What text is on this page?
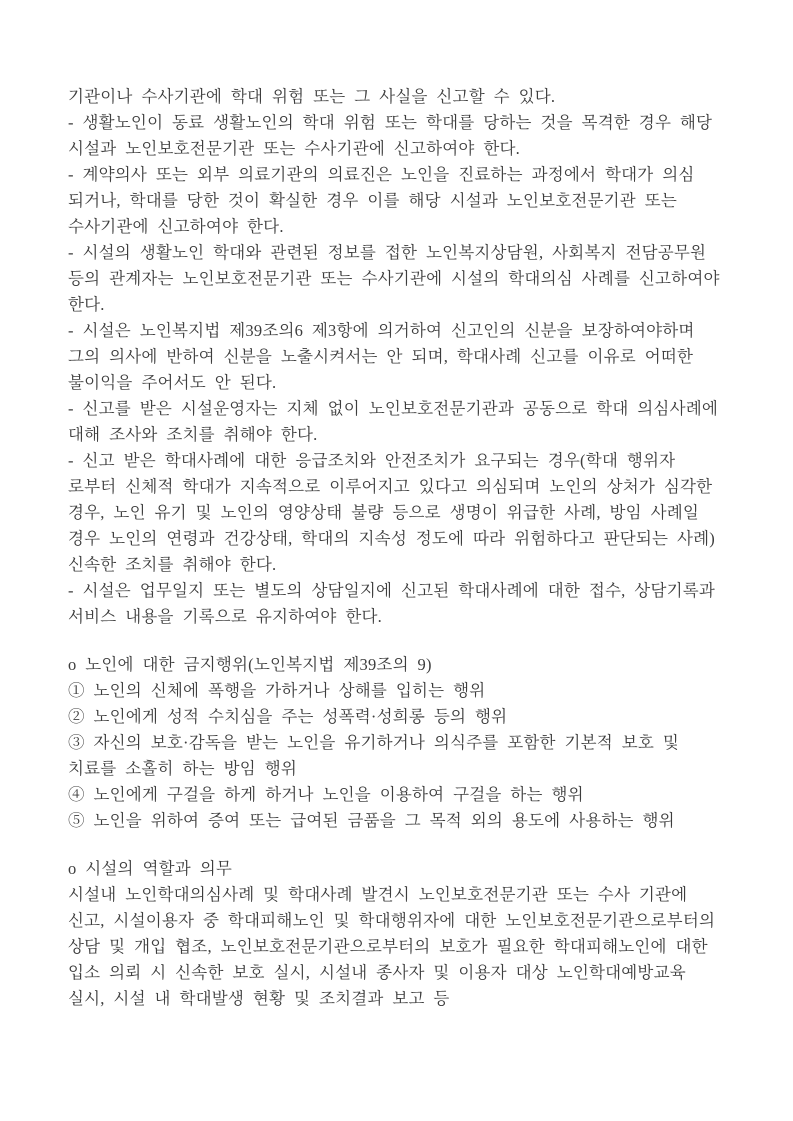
기관이나 수사기관에 학대 위험 또는 그 사실을 신고할 수 있다.

- 생활노인이 동료 생활노인의 학대 위험 또는 학대를 당하는 것을 목격한 경우 해당

시설과 노인보호전문기관 또는 수사기관에 신고하여야 한다.

- 계약의사 또는 외부 의료기관의 의료진은 노인을 진료하는 과정에서 학대가 의심

되거나, 학대를 당한 것이 확실한 경우 이를 해당 시설과 노인보호전문기관 또는

수사기관에 신고하여야 한다.

- 시설의 생활노인 학대와 관련된 정보를 접한 노인복지상담원, 사회복지 전담공무원

등의 관계자는 노인보호전문기관 또는 수사기관에 시설의 학대의심 사례를 신고하여야

한다.

- 시설은 노인복지법 제39조의6 제3항에 의거하여 신고인의 신분을 보장하여야하며

그의 의사에 반하여 신분을 노출시켜서는 안 되며, 학대사례 신고를 이유로 어떠한

불이익을 주어서도 안 된다.

- 신고를 받은 시설운영자는 지체 없이 노인보호전문기관과 공동으로 학대 의심사례에

대해 조사와 조치를 취해야 한다.

- 신고 받은 학대사례에 대한 응급조치와 안전조치가 요구되는 경우(학대 행위자

로부터 신체적 학대가 지속적으로 이루어지고 있다고 의심되며 노인의 상처가 심각한

경우, 노인 유기 및 노인의 영양상태 불량 등으로 생명이 위급한 사례, 방임 사례일

경우 노인의 연령과 건강상태, 학대의 지속성 정도에 따라 위험하다고 판단되는 사례)

신속한 조치를 취해야 한다.

- 시설은 업무일지 또는 별도의 상담일지에 신고된 학대사례에 대한 접수, 상담기록과

서비스 내용을 기록으로 유지하여야 한다.

o 노인에 대한 금지행위(노인복지법 제39조의 9)

① 노인의 신체에 폭행을 가하거나 상해를 입히는 행위

② 노인에게 성적 수치심을 주는 성폭력·성희롱 등의 행위

③ 자신의 보호·감독을 받는 노인을 유기하거나 의식주를 포함한 기본적 보호 및

치료를 소홀히 하는 방임 행위

④ 노인에게 구걸을 하게 하거나 노인을 이용하여 구걸을 하는 행위

⑤ 노인을 위하여 증여 또는 급여된 금품을 그 목적 외의 용도에 사용하는 행위

o 시설의 역할과 의무

시설내 노인학대의심사례 및 학대사례 발견시 노인보호전문기관 또는 수사 기관에

신고, 시설이용자 중 학대피해노인 및 학대행위자에 대한 노인보호전문기관으로부터의

상담 및 개입 협조, 노인보호전문기관으로부터의 보호가 필요한 학대피해노인에 대한

입소 의뢰 시 신속한 보호 실시, 시설내 종사자 및 이용자 대상 노인학대예방교육

실시, 시설 내 학대발생 현황 및 조치결과 보고 등
